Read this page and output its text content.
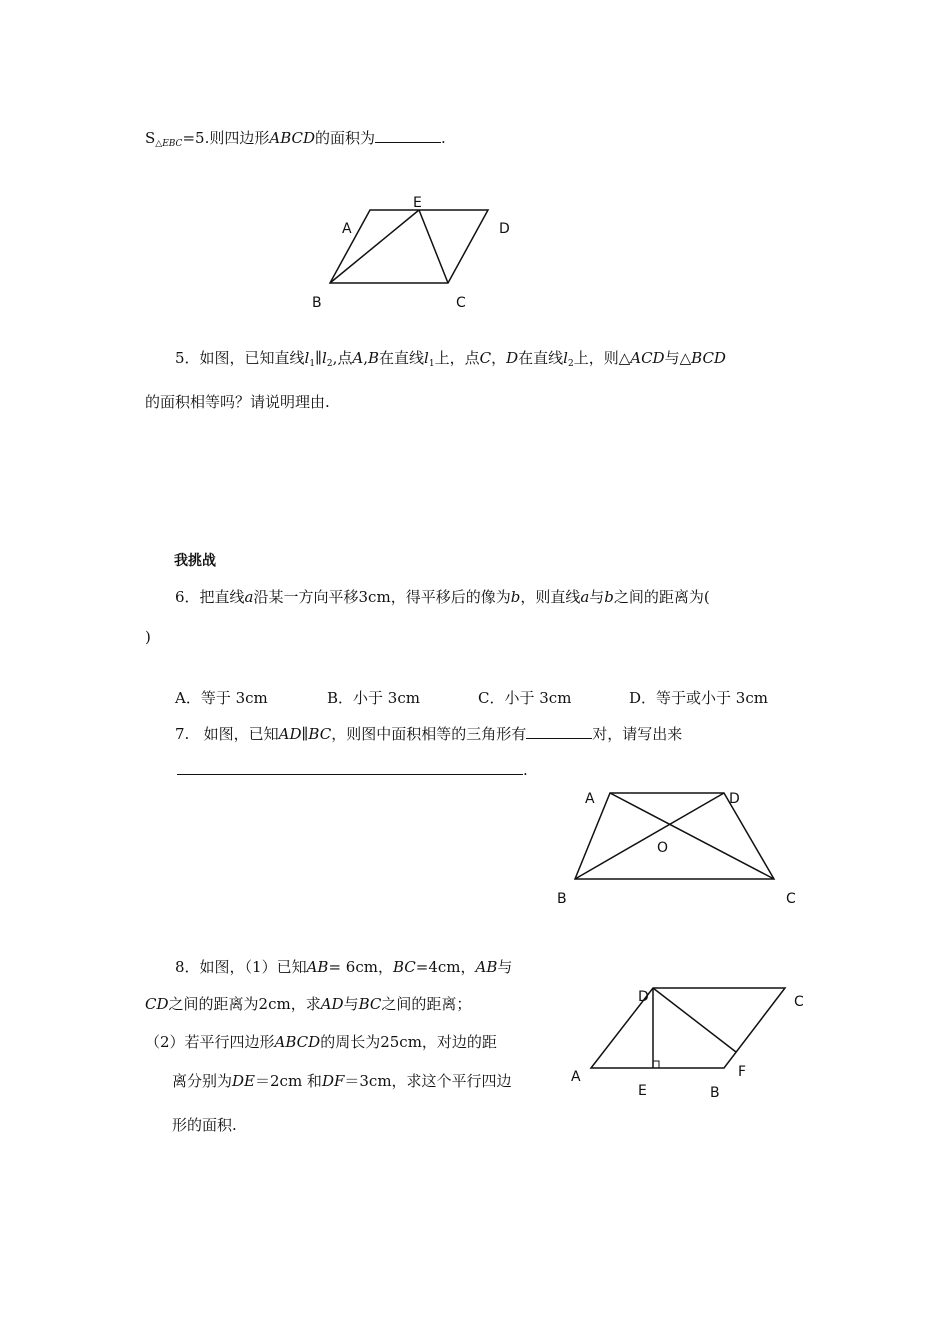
$S_{\triangle EBC}=5$.则四边形ABCD的面积为	.
A
E
D
B	C
5．如图，已知直线$l_1\parallel l_2$,点A,B在直线$l_1$上，点C，D在直线$l_2$上，则△ACD与△BCD
的面积相等吗？请说明理由.
我挑战
6．把直线a沿某一方向平移3cm，得平移后的像为b，则直线a与b之间的距离为(
)
A．等于 3cm	B．小于 3cm	C．小于 3cm	D．等于或小于 3cm
7.   如图，已知AD∥BC，则图中面积相等的三角形有	对，请写出来
.
A	D
O
B	C
8．如图，（1）已知AB= 6cm，BC=4cm，AB与
CD之间的距离为2cm，求AD与BC之间的距离；
（2）若平行四边形ABCD的周长为25cm，对边的距
离分别为DE＝2cm 和DF＝3cm，求这个平行四边
形的面积.
D	C
A	F
E	B
